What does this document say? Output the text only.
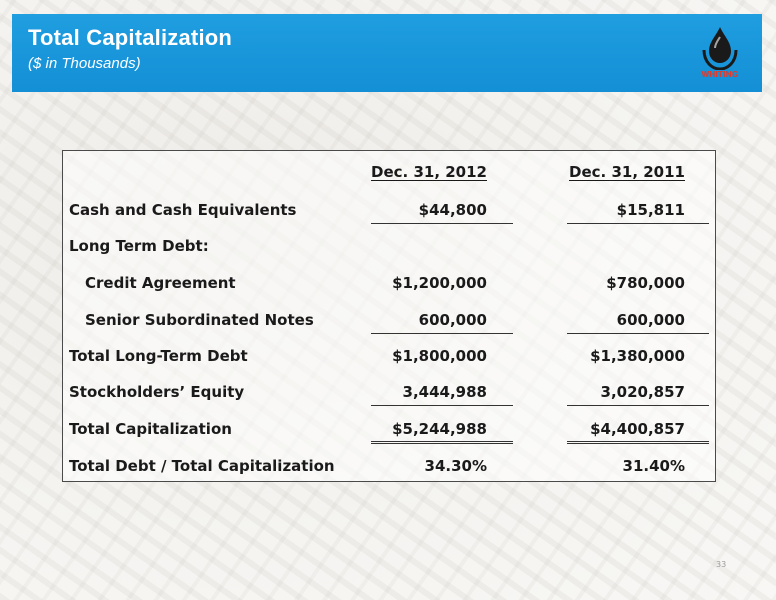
Total Capitalization
($ in Thousands)
WHITING
Dec. 31, 2012	Dec. 31, 2011
Cash and Cash Equivalents	$44,800	$15,811
Long Term Debt:
Credit Agreement	$1,200,000	$780,000
Senior Subordinated Notes	600,000	600,000
Total Long-Term Debt	$1,800,000	$1,380,000
Stockholders’ Equity	3,444,988	3,020,857
Total Capitalization	$5,244,988	$4,400,857
Total Debt / Total Capitalization	34.30%	31.40%
33
